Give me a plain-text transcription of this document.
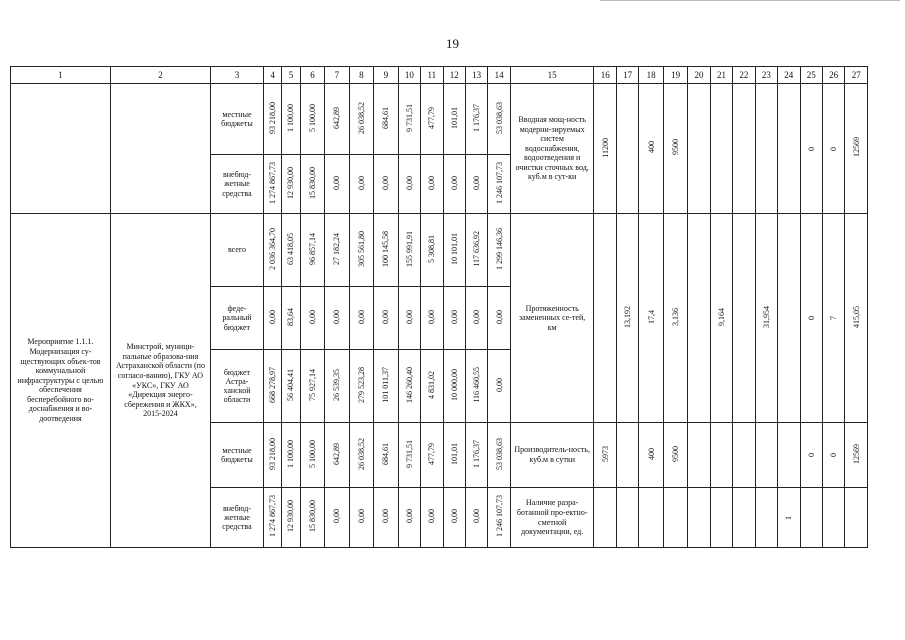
19
1	2	3	4	5	6	7	8	9	10	11	12	13	14	15	16	17	18	19	20	21	22	23	24	25	26	27
		местные бюджеты	93 218,00	1 100,00	5 100,00	642,89	26 038,52	684,61	9 731,51	477,79	101,01	1 176,37	53 038,63	Вводная мощ-ность модерни-зируемых систем водоснабжения, водоотведения и очистки сточных вод, куб.м в сут-ки	11200		400	9500						0	0	12569
		внебюд-жетные средства	1 274 867,73	12 930,00	15 830,00	0,00	0,00	0,00	0,00	0,00	0,00	0,00	1 246 107,73													
Мероприятие 1.1.1. Модернизация су-ществующих объек-тов коммунальной инфраструктуры с целью обеспечения бесперебойного во-доснабжения и во-доотведения	Минстрой, муници-пальные образова-ния Астраханской области (по согласо-ванию), ГКУ АО «УКС», ГКУ АО «Дирекция энерго-сбережения и ЖКХ», 2015-2024	всего	2 036 364,70	63 418,05	96 857,14	27 182,24	305 561,80	100 145,58	155 991,91	5 308,81	10 101,01	117 636,92	1 299 146,36	Протяженность замененных се-тей, км		13,192	17,4	3,136		9,164		31,954		0	7	415,05
		феде-ральный бюджет	0,00	83,64	0,00	0,00	0,00	0,00	0,00	0,00	0,00	0,00	0,00													
		бюджет Астра-ханской области	668 278,97	56 404,41	75 927,14	26 539,35	279 523,28	101 011,37	146 260,40	4 831,02	10 000,00	116 460,55	0,00													
		местные бюджеты	93 218,00	1 100,00	5 100,00	642,89	26 038,52	684,61	9 731,51	477,79	101,01	1 176,37	53 038,63	Производитель-ность, куб.м в сутки	5973		400	9500						0	0	12569
		внебюд-жетные средства	1 274 867,73	12 930,00	15 830,00	0,00	0,00	0,00	0,00	0,00	0,00	0,00	1 246 107,73	Наличие разра-ботанной про-ектно-сметной документации, ед.									1			
